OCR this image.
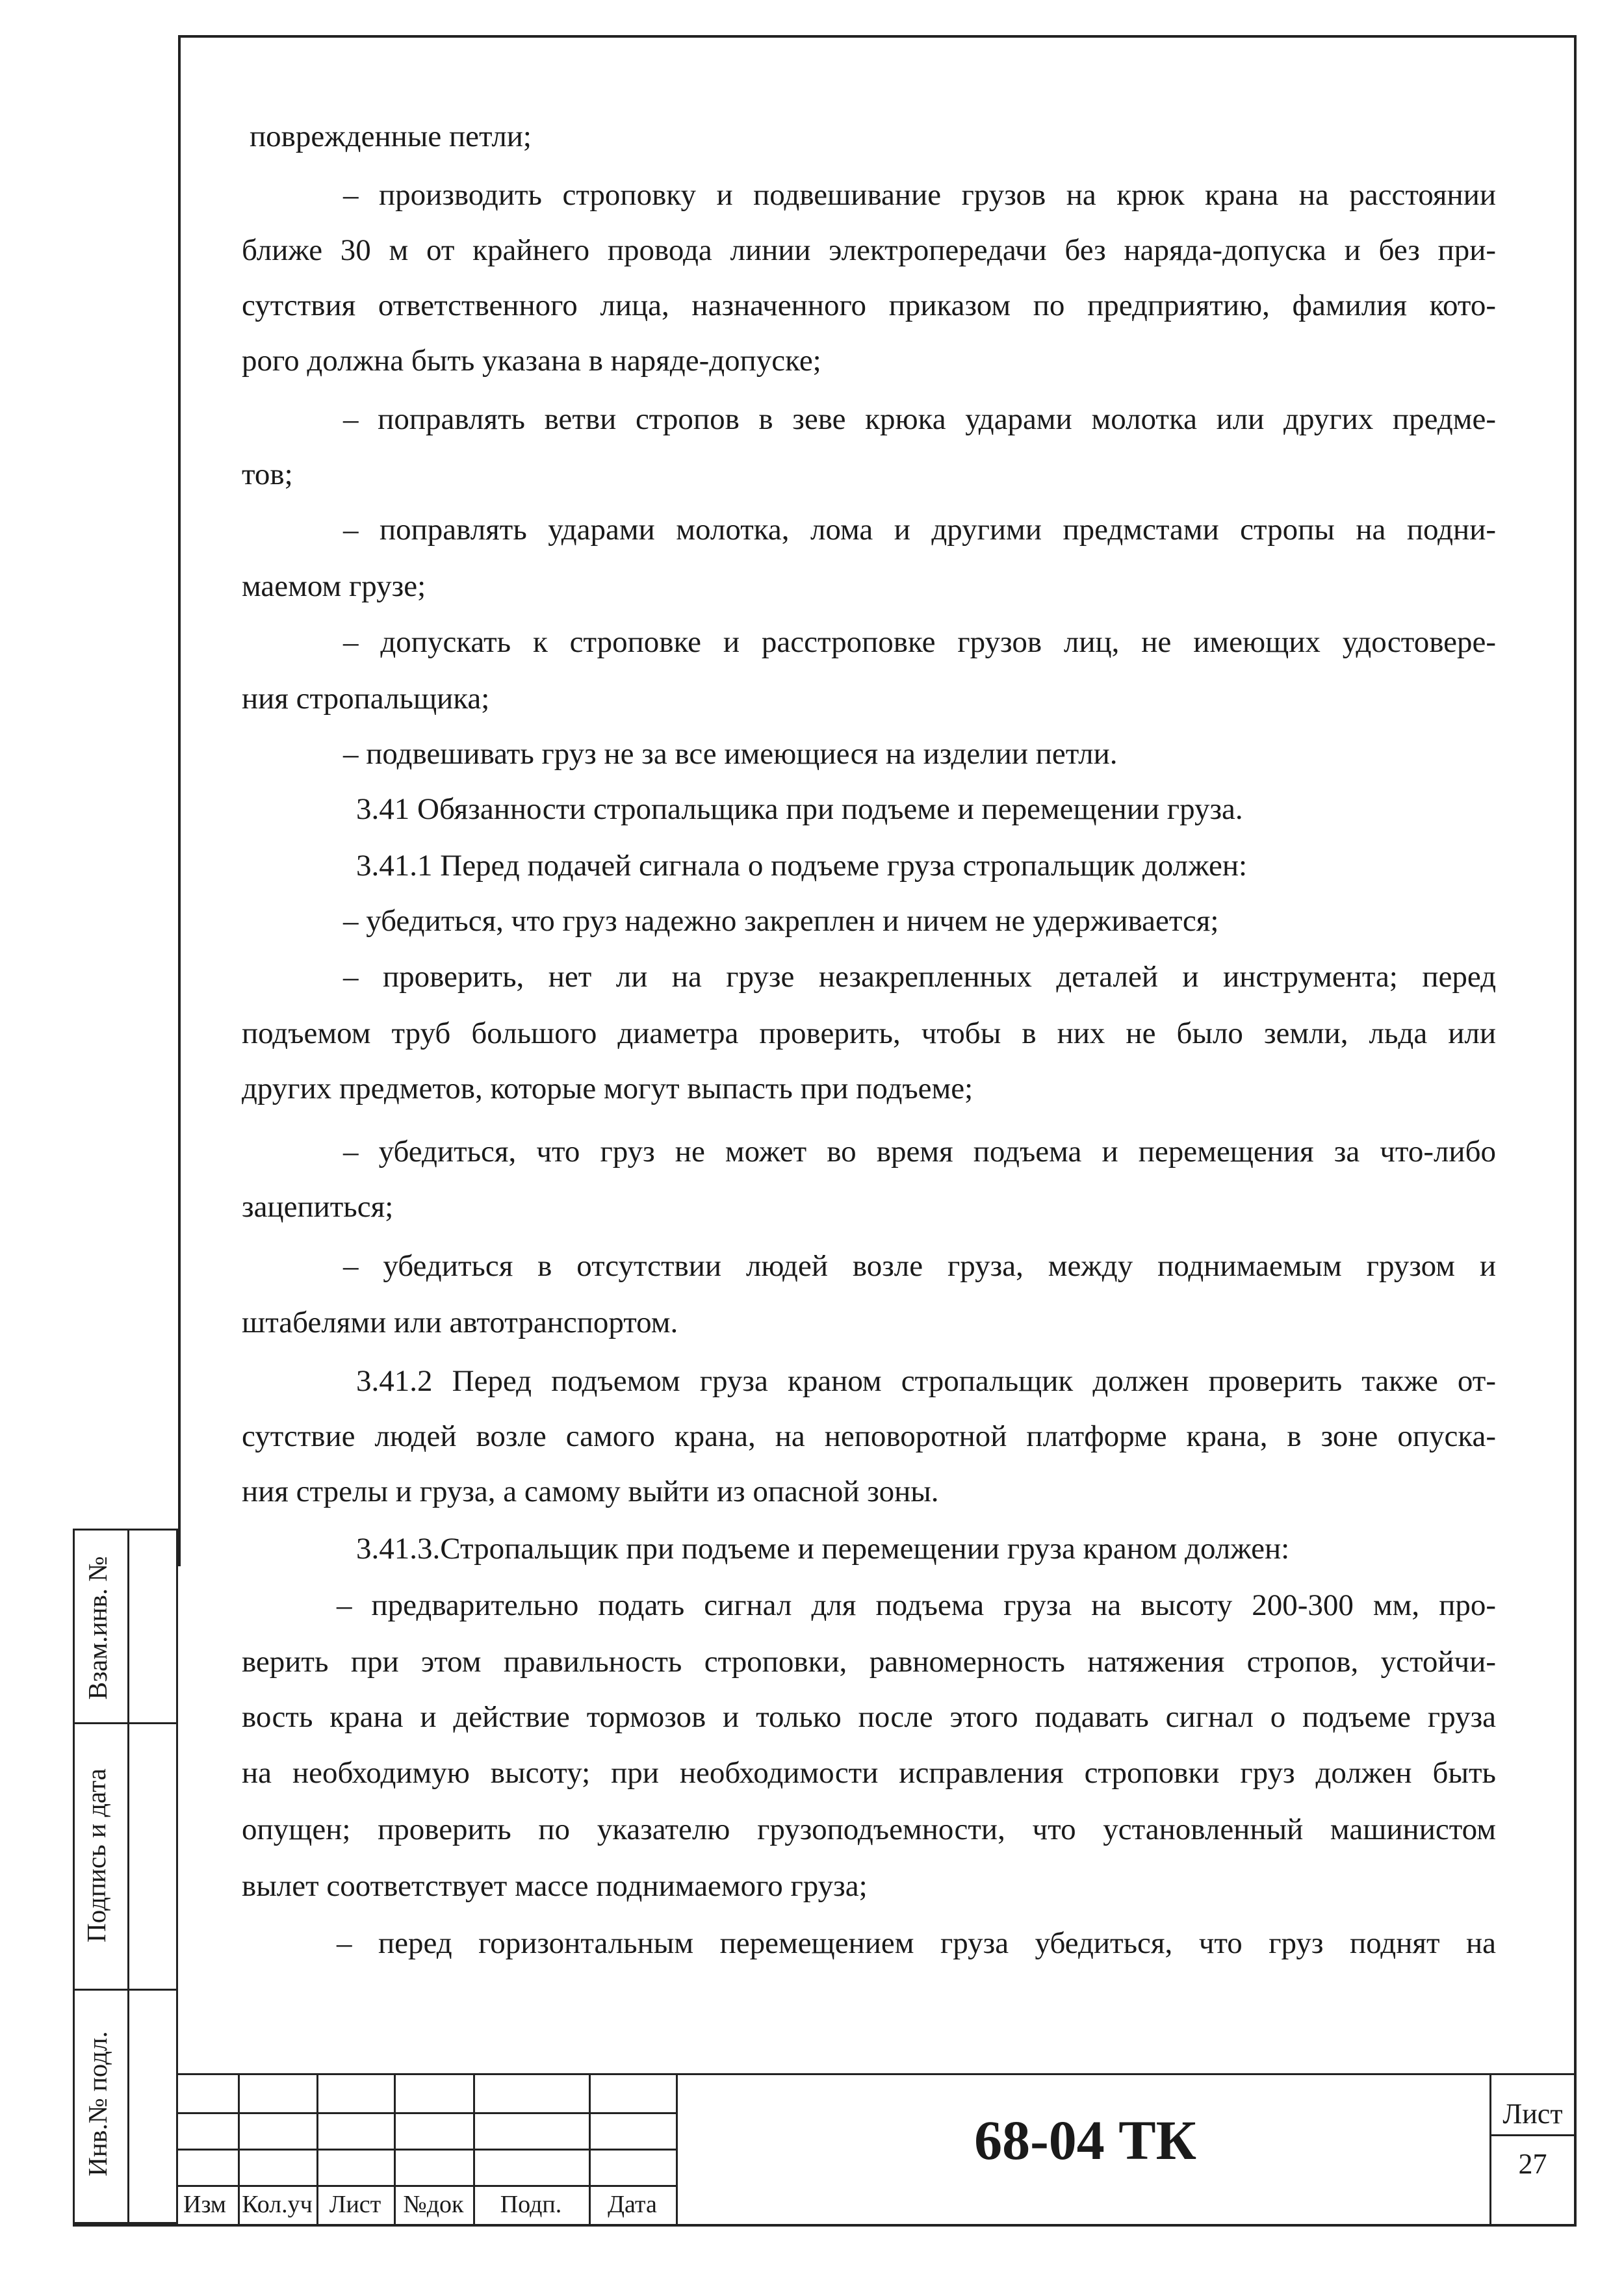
поврежденные петли;
– производить строповку и подвешивание грузов на крюк крана на расстоянии
ближе 30 м от крайнего провода линии электропередачи без наряда-допуска и без при-
сутствия ответственного лица, назначенного приказом по предприятию, фамилия кото-
рого должна быть указана в наряде-допуске;
– поправлять ветви стропов в зеве крюка ударами молотка или других предме-
тов;
– поправлять ударами молотка, лома и другими предмстами стропы на подни-
маемом грузе;
– допускать к строповке и расстроповке грузов лиц, не имеющих удостовере-
ния стропальщика;
– подвешивать груз не за все имеющиеся на изделии петли.
3.41 Обязанности стропальщика при подъеме и перемещении груза.
3.41.1 Перед подачей сигнала о подъеме груза стропальщик должен:
– убедиться, что груз надежно закреплен и ничем не удерживается;
– проверить, нет ли на грузе незакрепленных деталей и инструмента; перед
подъемом труб большого диаметра проверить, чтобы в них не было земли, льда или
других предметов, которые могут выпасть при подъеме;
– убедиться, что груз не может во время подъема и перемещения за что-либо
зацепиться;
– убедиться в отсутствии людей возле груза, между поднимаемым грузом и
штабелями или автотранспортом.
3.41.2 Перед подъемом груза краном стропальщик должен проверить также от-
сутствие людей возле самого крана, на неповоротной платформе крана, в зоне опуска-
ния стрелы и груза, а самому выйти из опасной зоны.
3.41.3.Стропальщик при подъеме и перемещении груза краном должен:
– предварительно подать сигнал для подъема груза на высоту 200-300 мм, про-
верить при этом правильность строповки, равномерность натяжения стропов, устойчи-
вость крана и действие тормозов и только после этого подавать сигнал о подъеме груза
на необходимую высоту; при необходимости исправления строповки груз должен быть
опущен; проверить по указателю грузоподъемности, что установленный машинистом
вылет соответствует массе поднимаемого груза;
– перед горизонтальным перемещением груза убедиться, что груз поднят на
Взам.инв. №
Подпись и дата
Инв.№ подл.
Изм Кол.уч Лист №док	Подп.	Дата
68-04 ТК	Лист
27
